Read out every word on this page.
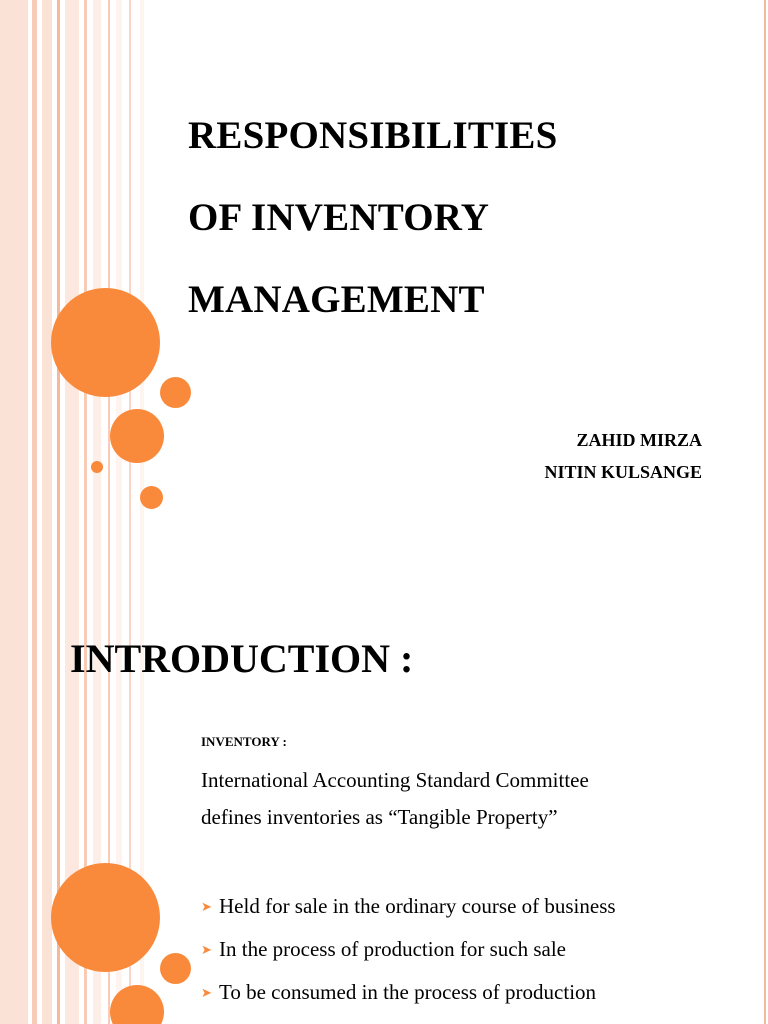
RESPONSIBILITIES
OF INVENTORY
MANAGEMENT
ZAHID MIRZA
NITIN KULSANGE
INTRODUCTION :
INVENTORY :
International Accounting Standard Committee
defines inventories as “Tangible Property”
➤ Held for sale in the ordinary course of business
➤ In the process of production for such sale
➤ To be consumed in the process of production
